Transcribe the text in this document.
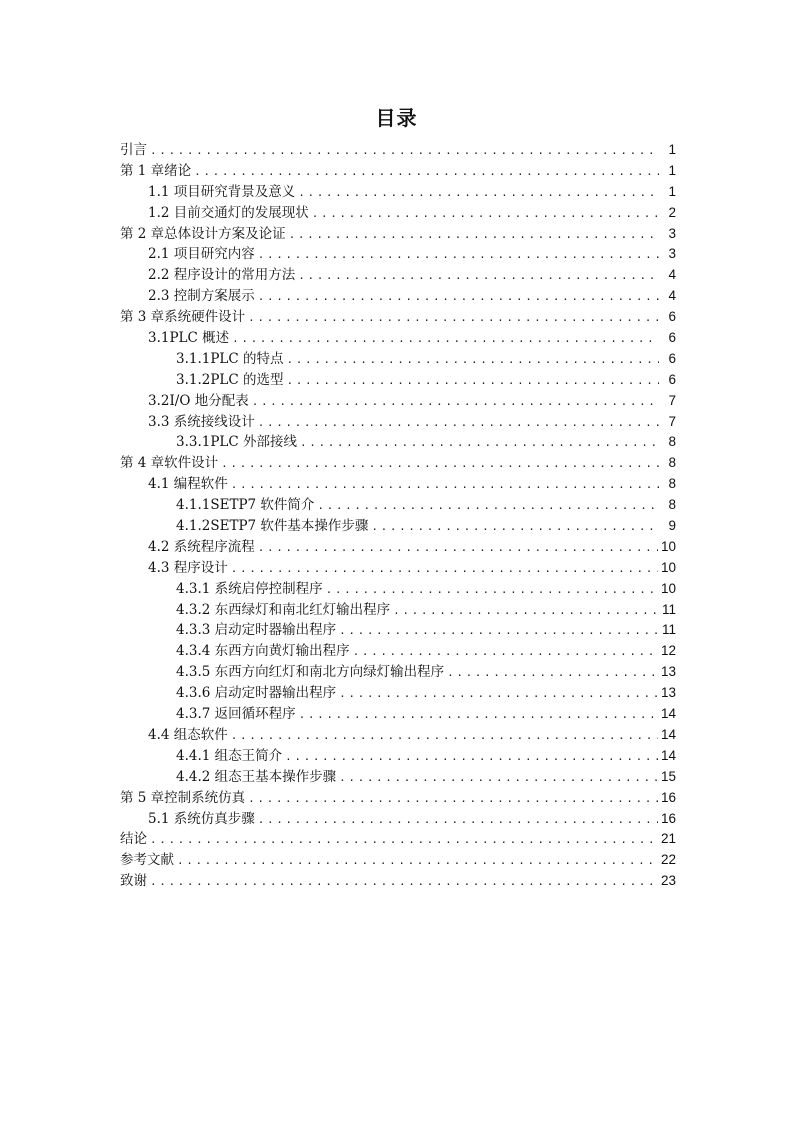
目录
引言 .....	1
第 1 章绪论 .....	1
1.1 项目研究背景及意义 .....	1
1.2 目前交通灯的发展现状 .....	2
第 2 章总体设计方案及论证 .....	3
2.1 项目研究内容 .....	3
2.2 程序设计的常用方法 .....	4
2.3 控制方案展示 .....	4
第 3 章系统硬件设计 .....	6
3.1PLC 概述 .....	6
3.1.1PLC 的特点 .....	6
3.1.2PLC 的选型 .....	6
3.2I/O 地分配表 .....	7
3.3 系统接线设计 .....	7
3.3.1PLC 外部接线 .....	8
第 4 章软件设计 .....	8
4.1 编程软件 .....	8
4.1.1SETP7 软件简介 .....	8
4.1.2SETP7 软件基本操作步骤 .....	9
4.2 系统程序流程 .....	10
4.3 程序设计 .....	10
4.3.1 系统启停控制程序 .....	10
4.3.2 东西绿灯和南北红灯输出程序 .....	11
4.3.3 启动定时器输出程序 .....	11
4.3.4 东西方向黄灯输出程序 .....	12
4.3.5 东西方向红灯和南北方向绿灯输出程序 .....	13
4.3.6 启动定时器输出程序 .....	13
4.3.7 返回循环程序 .....	14
4.4 组态软件 .....	14
4.4.1 组态王简介 .....	14
4.4.2 组态王基本操作步骤 .....	15
第 5 章控制系统仿真 .....	16
5.1 系统仿真步骤 .....	16
结论 .....	21
参考文献 .....	22
致谢 .....	23
